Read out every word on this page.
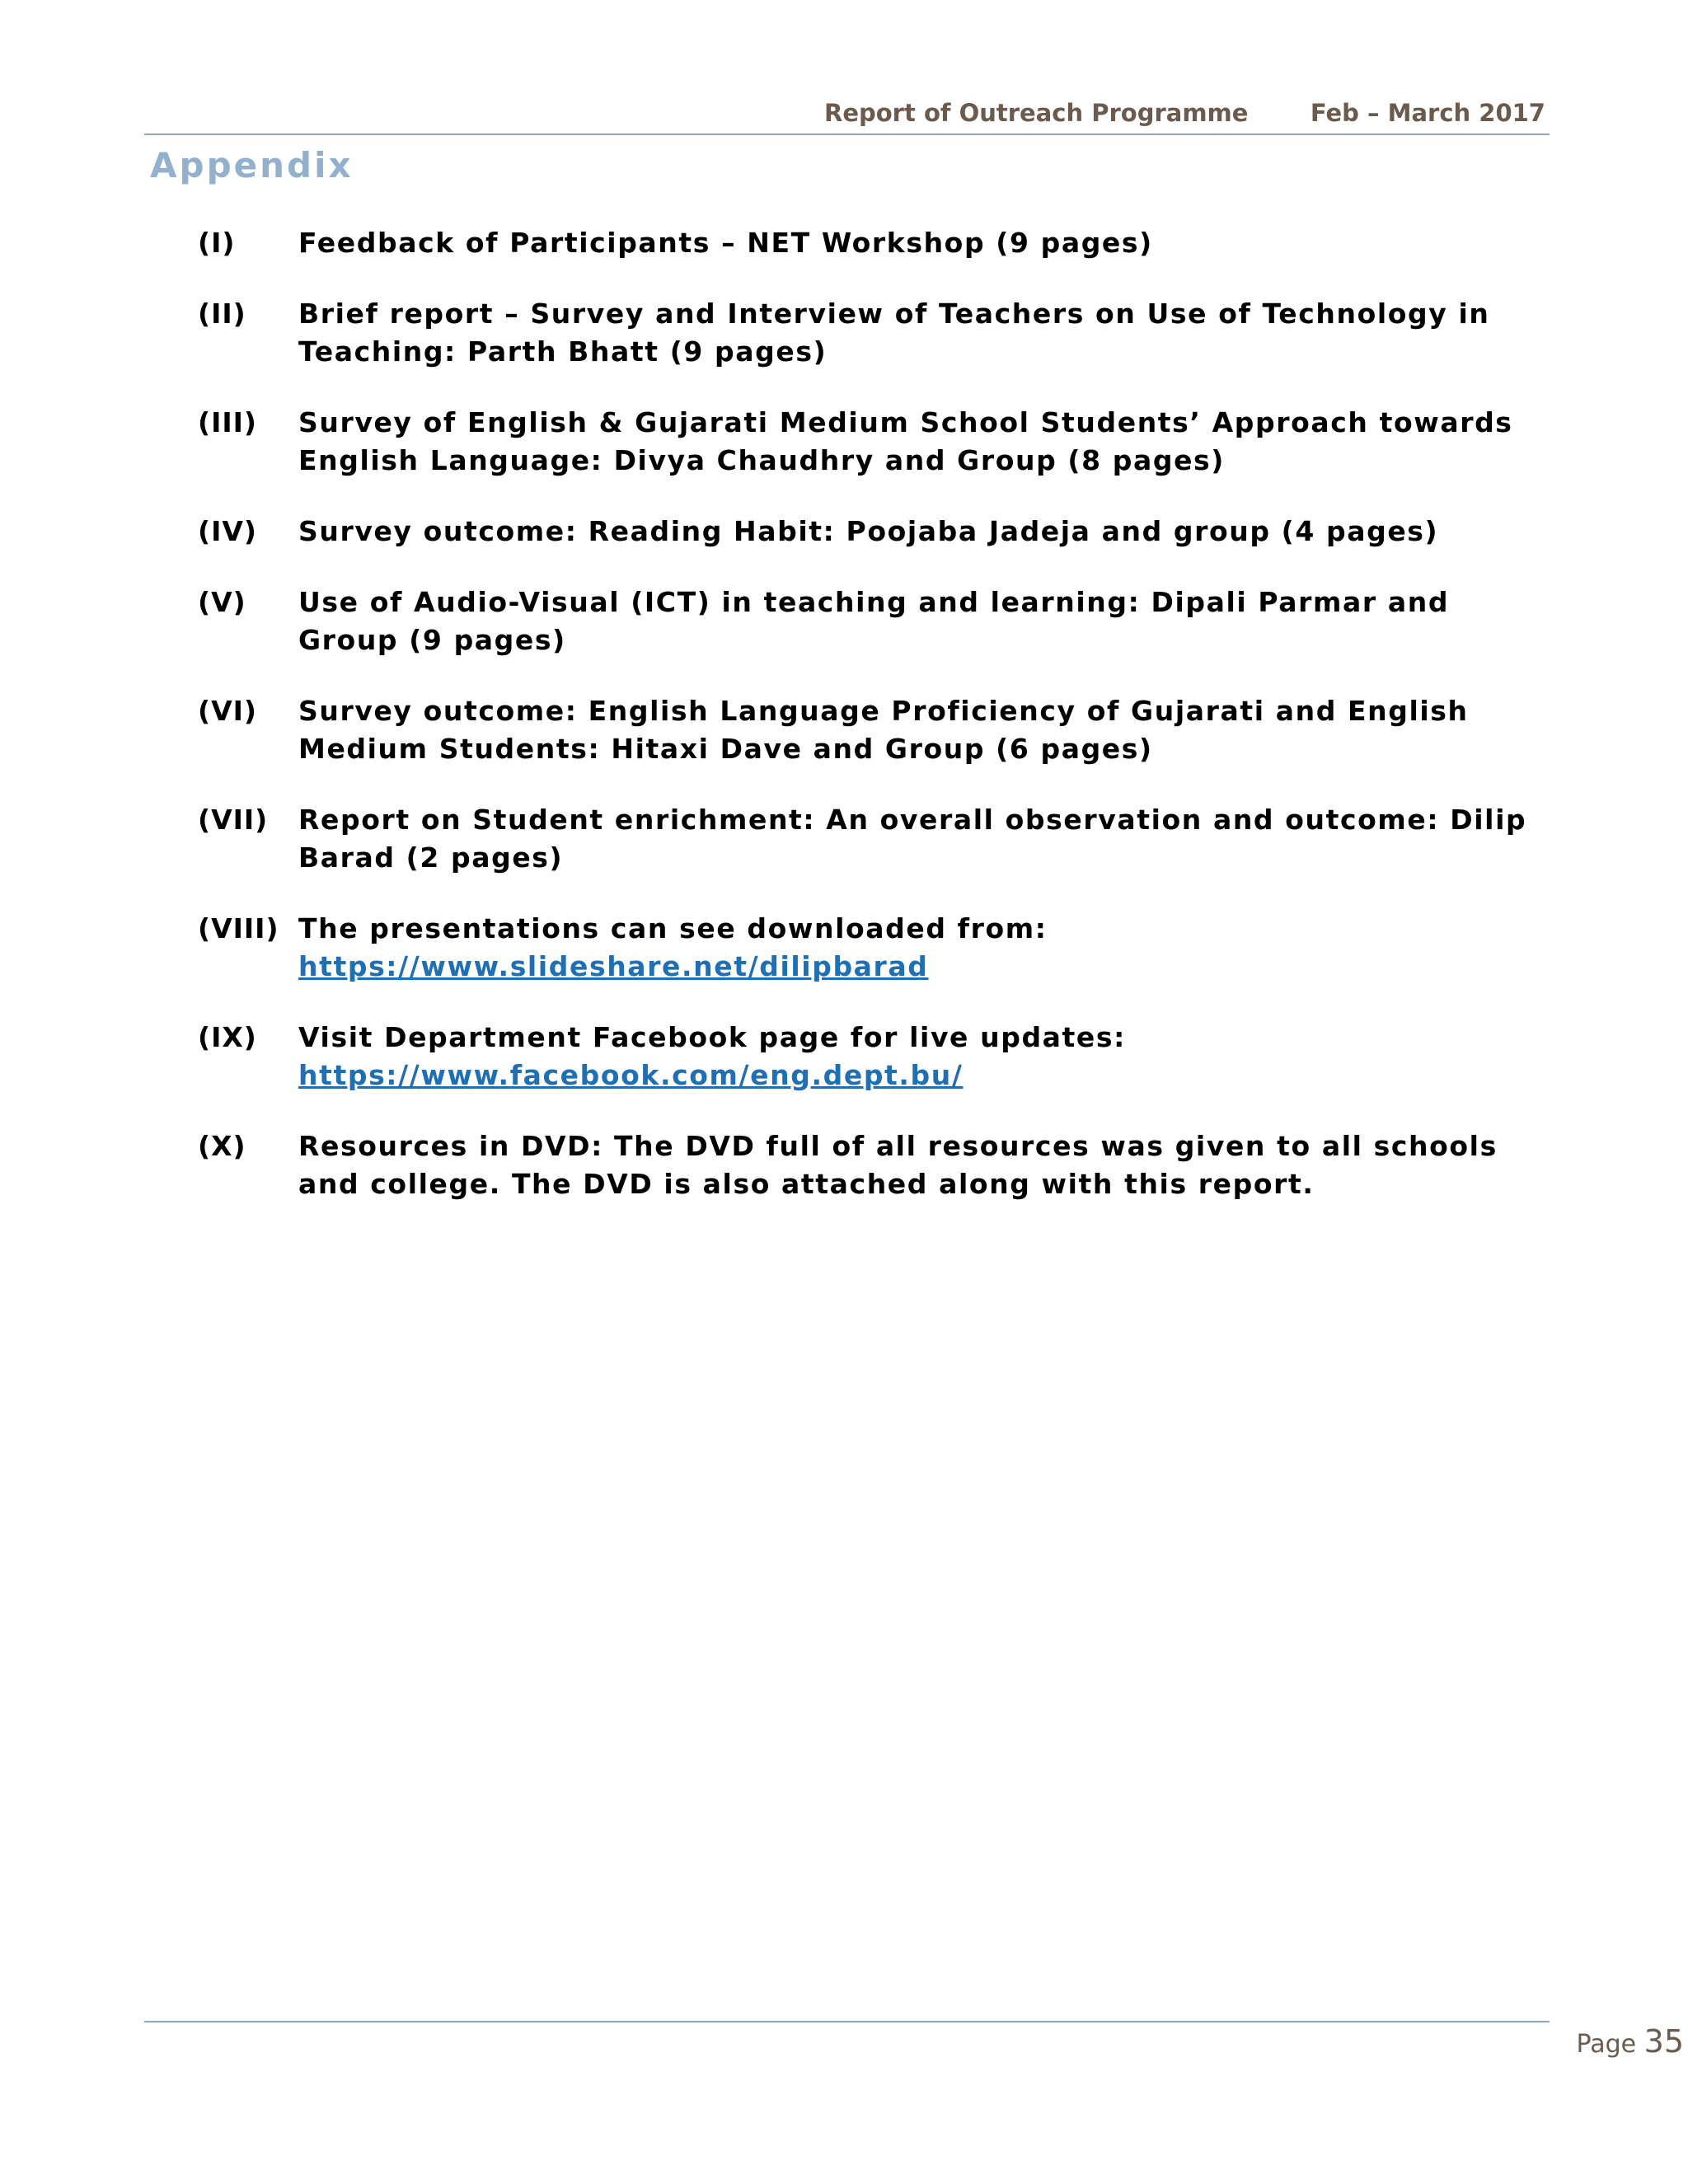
Report of Outreach Programme	Feb – March 2017
Appendix
(I)	Feedback of Participants – NET Workshop (9 pages)
(II)	Brief report – Survey and Interview of Teachers on Use of Technology in Teaching: Parth Bhatt (9 pages)
(III)	Survey of English & Gujarati Medium School Students’ Approach towards English Language: Divya Chaudhry and Group (8 pages)
(IV)	Survey outcome: Reading Habit: Poojaba Jadeja and group (4 pages)
(V)	Use of Audio-Visual (ICT) in teaching and learning: Dipali Parmar and Group (9 pages)
(VI)	Survey outcome: English Language Proficiency of Gujarati and English Medium Students: Hitaxi Dave and Group (6 pages)
(VII)	Report on Student enrichment: An overall observation and outcome: Dilip Barad (2 pages)
(VIII) The presentations can see downloaded from: https://www.slideshare.net/dilipbarad
(IX)	Visit Department Facebook page for live updates:
https://www.facebook.com/eng.dept.bu/
(X)	Resources in DVD: The DVD full of all resources was given to all schools and college. The DVD is also attached along with this report.
Page 35
